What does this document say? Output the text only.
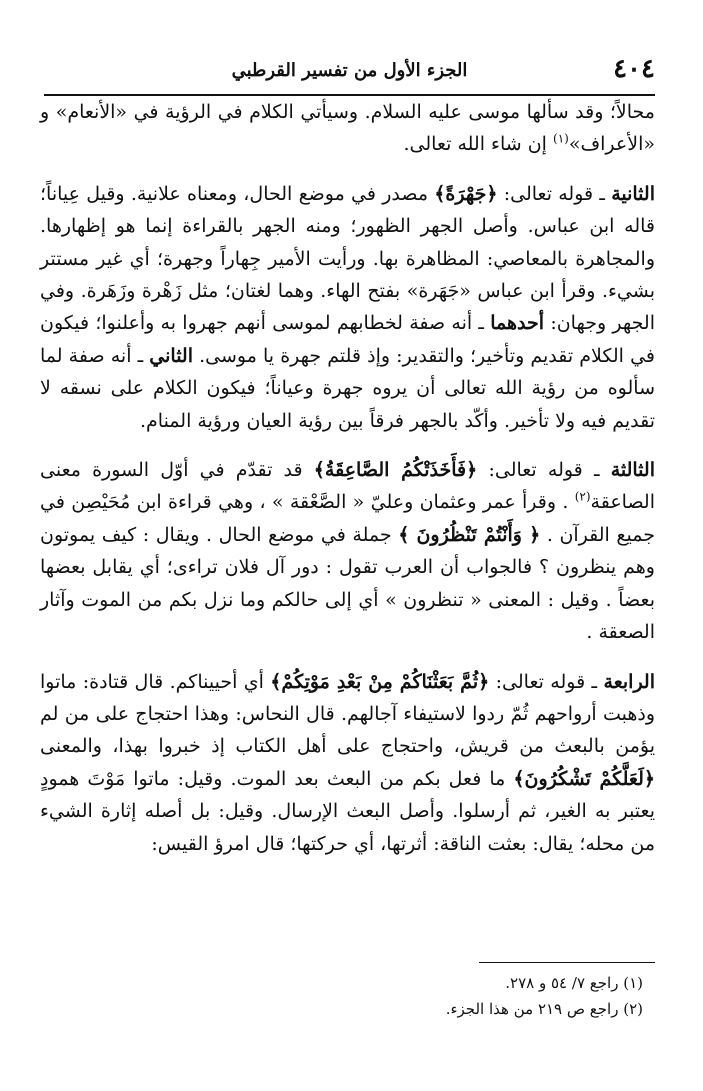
٤٠٤
الجزء الأول من تفسير القرطبي

محالاً؛ وقد سألها موسى عليه السلام. وسيأتي الكلام في الرؤية في «الأنعام» و «الأعراف»$^{(١)}$ إن شاء الله تعالى.

الثانية ـ قوله تعالى: ﴿جَهْرَةً﴾ مصدر في موضع الحال، ومعناه علانية. وقيل عِياناً؛ قاله ابن عباس. وأصل الجهر الظهور؛ ومنه الجهر بالقراءة إنما هو إظهارها. والمجاهرة بالمعاصي: المظاهرة بها. ورأيت الأمير جِهاراً وجهرة؛ أي غير مستتر بشيء. وقرأ ابن عباس «جَهَرة» بفتح الهاء. وهما لغتان؛ مثل زَهْرة وزَهَرة. وفي الجهر وجهان: أحدهما ـ أنه صفة لخطابهم لموسى أنهم جهروا به وأعلنوا؛ فيكون في الكلام تقديم وتأخير؛ والتقدير: وإذ قلتم جهرة يا موسى. الثاني ـ أنه صفة لما سألوه من رؤية الله تعالى أن يروه جهرة وعياناً؛ فيكون الكلام على نسقه لا تقديم فيه ولا تأخير. وأكّد بالجهر فرقاً بين رؤية العيان ورؤية المنام.

الثالثة ـ قوله تعالى: ﴿فَأَخَذَتْكُمُ الصَّاعِقَةُ﴾ قد تقدّم في أوّل السورة معنى الصاعقة$^{(٢)}$ . وقرأ عمر وعثمان وعليّ « الصَّعْقة » ، وهي قراءة ابن مُحَيْصِن في جميع القرآن . ﴿ وَأَنْتُمْ تَنْظُرُونَ ﴾ جملة في موضع الحال . ويقال : كيف يموتون وهم ينظرون ؟ فالجواب أن العرب تقول : دور آل فلان تراءى؛ أي يقابل بعضها بعضاً . وقيل : المعنى « تنظرون » أي إلى حالكم وما نزل بكم من الموت وآثار الصعقة .

الرابعة ـ قوله تعالى: ﴿ثُمَّ بَعَثْنَاكُمْ مِنْ بَعْدِ مَوْتِكُمْ﴾ أي أحييناكم. قال قتادة: ماتوا وذهبت أرواحهم ثُمّ ردوا لاستيفاء آجالهم. قال النحاس: وهذا احتجاج على من لم يؤمن بالبعث من قريش، واحتجاج على أهل الكتاب إذ خبروا بهذا، والمعنى ﴿لَعَلَّكُمْ تَشْكُرُونَ﴾ ما فعل بكم من البعث بعد الموت. وقيل: ماتوا مَوْتَ همودٍ يعتبر به الغير، ثم أرسلوا. وأصل البعث الإرسال. وقيل: بل أصله إثارة الشيء من محله؛ يقال: بعثت الناقة: أثرتها، أي حركتها؛ قال امرؤ القيس:

(١) راجع ٧/ ٥٤ و ٢٧٨.

(٢) راجع ص ٢١٩ من هذا الجزء.
